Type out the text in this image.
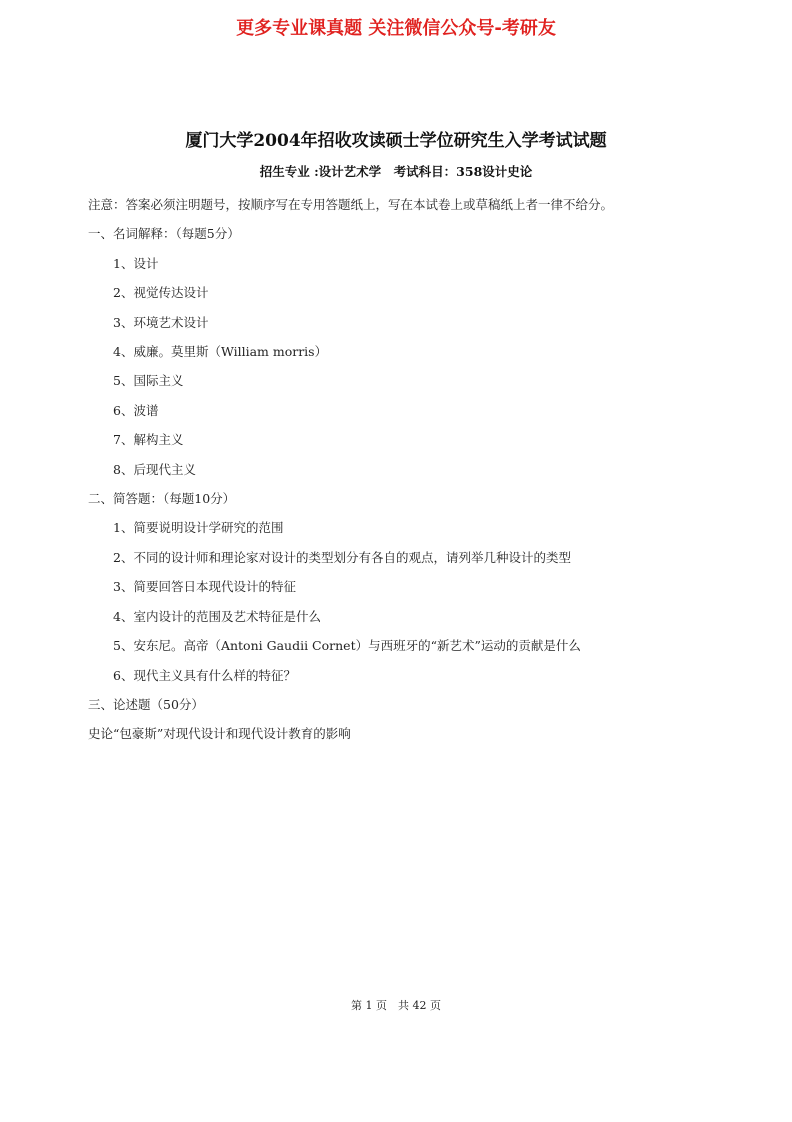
更多专业课真题 关注微信公众号-考研友
厦门大学2004年招收攻读硕士学位研究生入学考试试题
招生专业 :设计艺术学　考试科目：358设计史论
注意：答案必须注明题号，按顺序写在专用答题纸上，写在本试卷上或草稿纸上者一律不给分。
一、名词解释：（每题5分）
1、设计
2、视觉传达设计
3、环境艺术设计
4、威廉。莫里斯（William morris）
5、国际主义
6、波谱
7、解构主义
8、后现代主义
二、简答题：（每题10分）
1、简要说明设计学研究的范围
2、不同的设计师和理论家对设计的类型划分有各自的观点，请列举几种设计的类型
3、简要回答日本现代设计的特征
4、室内设计的范围及艺术特征是什么
5、安东尼。高帝（Antoni Gaudii Cornet）与西班牙的“新艺术”运动的贡献是什么
6、现代主义具有什么样的特征？
三、论述题（50分）
史论“包豪斯”对现代设计和现代设计教育的影响
第 1 页　共 42 页
